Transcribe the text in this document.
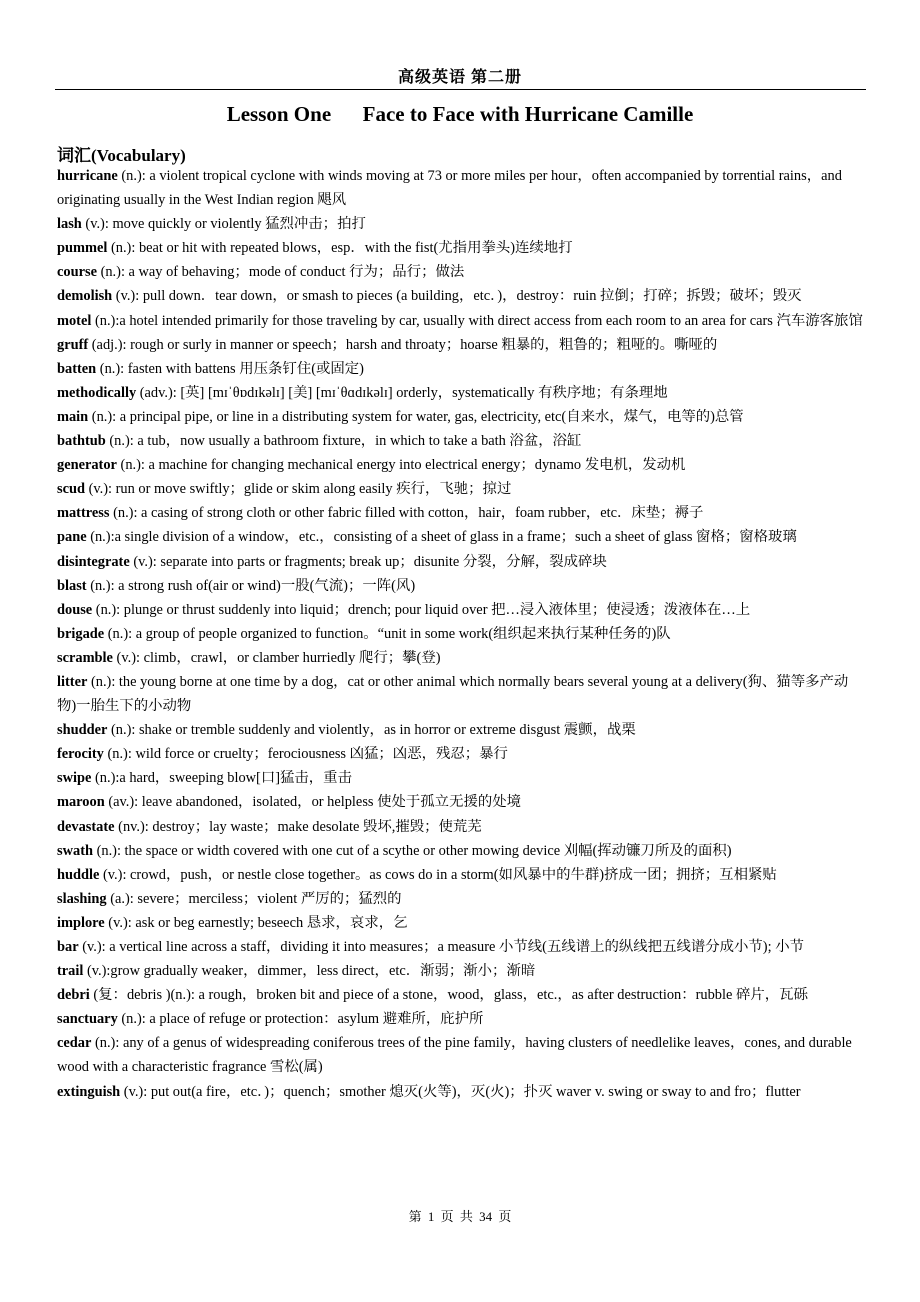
高级英语 第二册
Lesson One      Face to Face with Hurricane Camille
词汇(Vocabulary)

hurricane (n.): a violent tropical cyclone with winds moving at 73 or more miles per hour，often accompanied by torrential rains，and originating usually in the West Indian region 飓风

lash (v.): move quickly or violently 猛烈冲击；拍打

pummel (n.): beat or hit with repeated blows，esp．with the fist(尤指用拳头)连续地打

course (n.): a way of behaving；mode of conduct 行为；品行；做法

demolish (v.): pull down．tear down，or smash to pieces (a building，etc．)，destroy：ruin 拉倒；打碎；拆毁；破坏；毁灭

motel (n.):a hotel intended primarily for those traveling by car, usually with direct access from each room to an area for cars 汽车游客旅馆

gruff (adj.): rough or surly in manner or speech；harsh and throaty；hoarse 粗暴的，粗鲁的；粗哑的。嘶哑的

batten (n.): fasten with battens 用压条钉住(或固定)

methodically (adv.): [英] [mɪˈθɒdɪkəlɪ] [美] [mɪˈθɑdɪkəlɪ] orderly，systematically 有秩序地；有条理地

main (n.): a principal pipe, or line in a distributing system for water, gas, electricity, etc(自来水，煤气，电等的)总管

bathtub (n.): a tub，now usually a bathroom fixture，in which to take a bath 浴盆，浴缸

generator (n.): a machine for changing mechanical energy into electrical energy；dynamo 发电机，发动机

scud (v.): run or move swiftly；glide or skim along easily 疾行，飞驰；掠过

mattress (n.): a casing of strong cloth or other fabric filled with cotton，hair，foam rubber，etc．床垫；褥子

pane (n.):a single division of a window，etc.，consisting of a sheet of glass in a frame；such a sheet of glass 窗格；窗格玻璃

disintegrate (v.): separate into parts or fragments; break up；disunite 分裂，分解，裂成碎块

blast (n.): a strong rush of(air or wind)一股(气流)；一阵(风)

douse (n.): plunge or thrust suddenly into liquid；drench; pour liquid over 把…浸入液体里；使浸透；泼液体在…上

brigade (n.): a group of people organized to function。“unit in some work(组织起来执行某种任务的)队

scramble (v.): climb，crawl，or clamber hurriedly 爬行；攀(登)

litter (n.): the young borne at one time by a dog，cat or other animal which normally bears several young at a delivery(狗、猫等多产动物)一胎生下的小动物

shudder (n.): shake or tremble suddenly and violently，as in horror or extreme disgust 震颤，战栗

ferocity (n.): wild force or cruelty；ferociousness 凶猛；凶恶，残忍；暴行

swipe (n.):a hard，sweeping blow[口]猛击，重击

maroon (av.): leave abandoned，isolated，or helpless 使处于孤立无援的处境

devastate (nv.): destroy；lay waste；make desolate 毁坏,摧毁；使荒芜

swath (n.): the space or width covered with one cut of a scythe or other mowing device 刈幅(挥动镰刀所及的面积)

huddle (v.): crowd，push，or nestle close together。as cows do in a storm(如风暴中的牛群)挤成一团；拥挤；互相紧贴

slashing (a.): severe；merciless；violent 严厉的；猛烈的

implore (v.): ask or beg earnestly; beseech 恳求，哀求，乞

bar (v.): a vertical line across a staff，dividing it into measures；a measure 小节线(五线谱上的纵线把五线谱分成小节); 小节

trail (v.):grow gradually weaker，dimmer，less direct，etc．渐弱；渐小；渐暗

debri (复：debris )(n.): a rough，broken bit and piece of a stone，wood，glass，etc.，as after destruction：rubble 碎片，瓦砾

sanctuary (n.): a place of refuge or protection：asylum 避难所，庇护所

cedar (n.): any of a genus of widespreading coniferous trees of the pine family，having clusters of needlelike leaves，cones, and durable wood with a characteristic fragrance 雪松(属)

extinguish (v.): put out(a fire，etc．)；quench；smother 熄灭(火等)，灭(火)；扑灭 waver v. swing or sway to and fro；flutter

第 1 页 共 34 页
